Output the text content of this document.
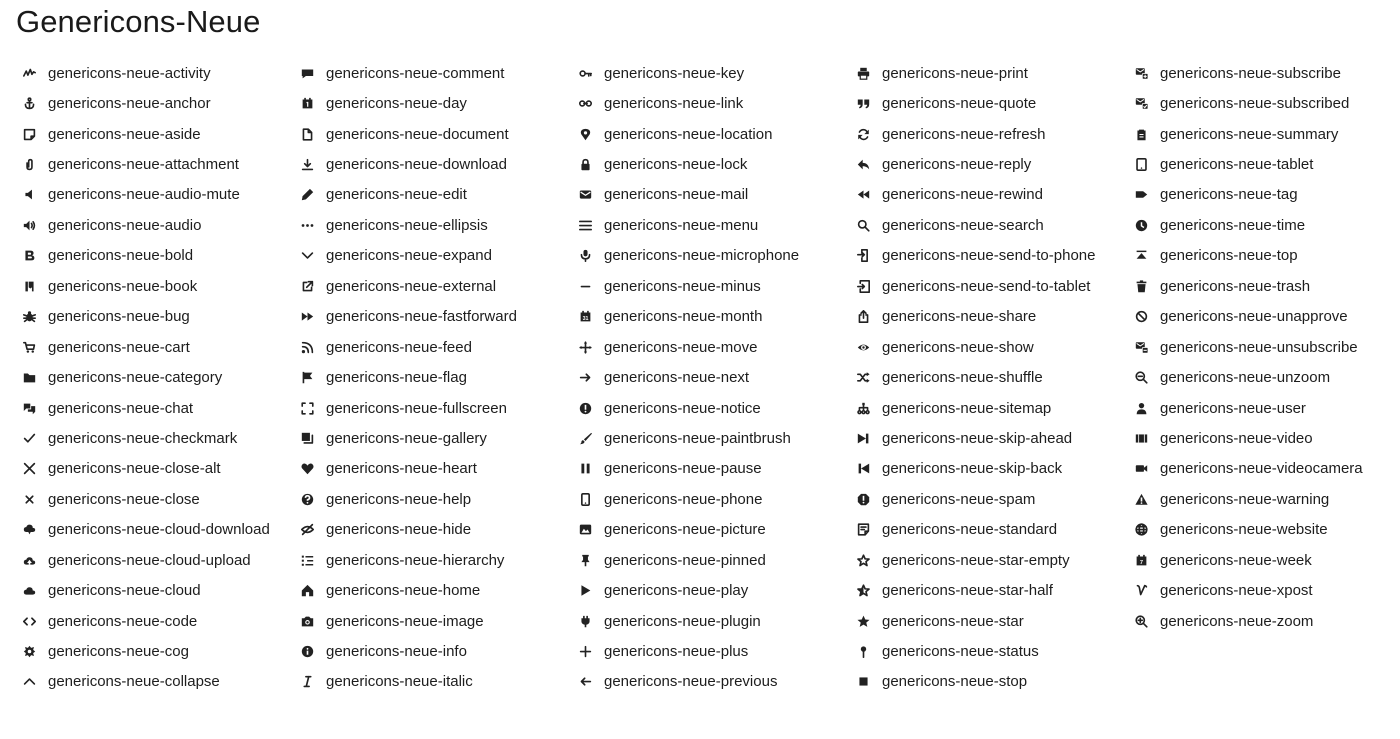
Genericons-Neue
genericons-neue-activity
genericons-neue-anchor
genericons-neue-aside
genericons-neue-attachment
genericons-neue-audio-mute
genericons-neue-audio
genericons-neue-bold
genericons-neue-book
genericons-neue-bug
genericons-neue-cart
genericons-neue-category
genericons-neue-chat
genericons-neue-checkmark
genericons-neue-close-alt
genericons-neue-close
genericons-neue-cloud-download
genericons-neue-cloud-upload
genericons-neue-cloud
genericons-neue-code
genericons-neue-cog
genericons-neue-collapse
genericons-neue-comment
genericons-neue-day
genericons-neue-document
genericons-neue-download
genericons-neue-edit
genericons-neue-ellipsis
genericons-neue-expand
genericons-neue-external
genericons-neue-fastforward
genericons-neue-feed
genericons-neue-flag
genericons-neue-fullscreen
genericons-neue-gallery
genericons-neue-heart
genericons-neue-help
genericons-neue-hide
genericons-neue-hierarchy
genericons-neue-home
genericons-neue-image
genericons-neue-info
genericons-neue-italic
genericons-neue-key
genericons-neue-link
genericons-neue-location
genericons-neue-lock
genericons-neue-mail
genericons-neue-menu
genericons-neue-microphone
genericons-neue-minus
31 genericons-neue-month
genericons-neue-move
genericons-neue-next
genericons-neue-notice
genericons-neue-paintbrush
genericons-neue-pause
genericons-neue-phone
genericons-neue-picture
genericons-neue-pinned
genericons-neue-play
genericons-neue-plugin
genericons-neue-plus
genericons-neue-previous
genericons-neue-print
genericons-neue-quote
genericons-neue-refresh
genericons-neue-reply
genericons-neue-rewind
genericons-neue-search
genericons-neue-send-to-phone
genericons-neue-send-to-tablet
genericons-neue-share
genericons-neue-show
genericons-neue-shuffle
genericons-neue-sitemap
genericons-neue-skip-ahead
genericons-neue-skip-back
genericons-neue-spam
genericons-neue-standard
genericons-neue-star-empty
genericons-neue-star-half
genericons-neue-star
genericons-neue-status
genericons-neue-stop
genericons-neue-subscribe
genericons-neue-subscribed
genericons-neue-summary
genericons-neue-tablet
genericons-neue-tag
genericons-neue-time
genericons-neue-top
genericons-neue-trash
genericons-neue-unapprove
genericons-neue-unsubscribe
genericons-neue-unzoom
genericons-neue-user
genericons-neue-video
genericons-neue-videocamera
genericons-neue-warning
genericons-neue-website
7 genericons-neue-week
genericons-neue-xpost
genericons-neue-zoom
